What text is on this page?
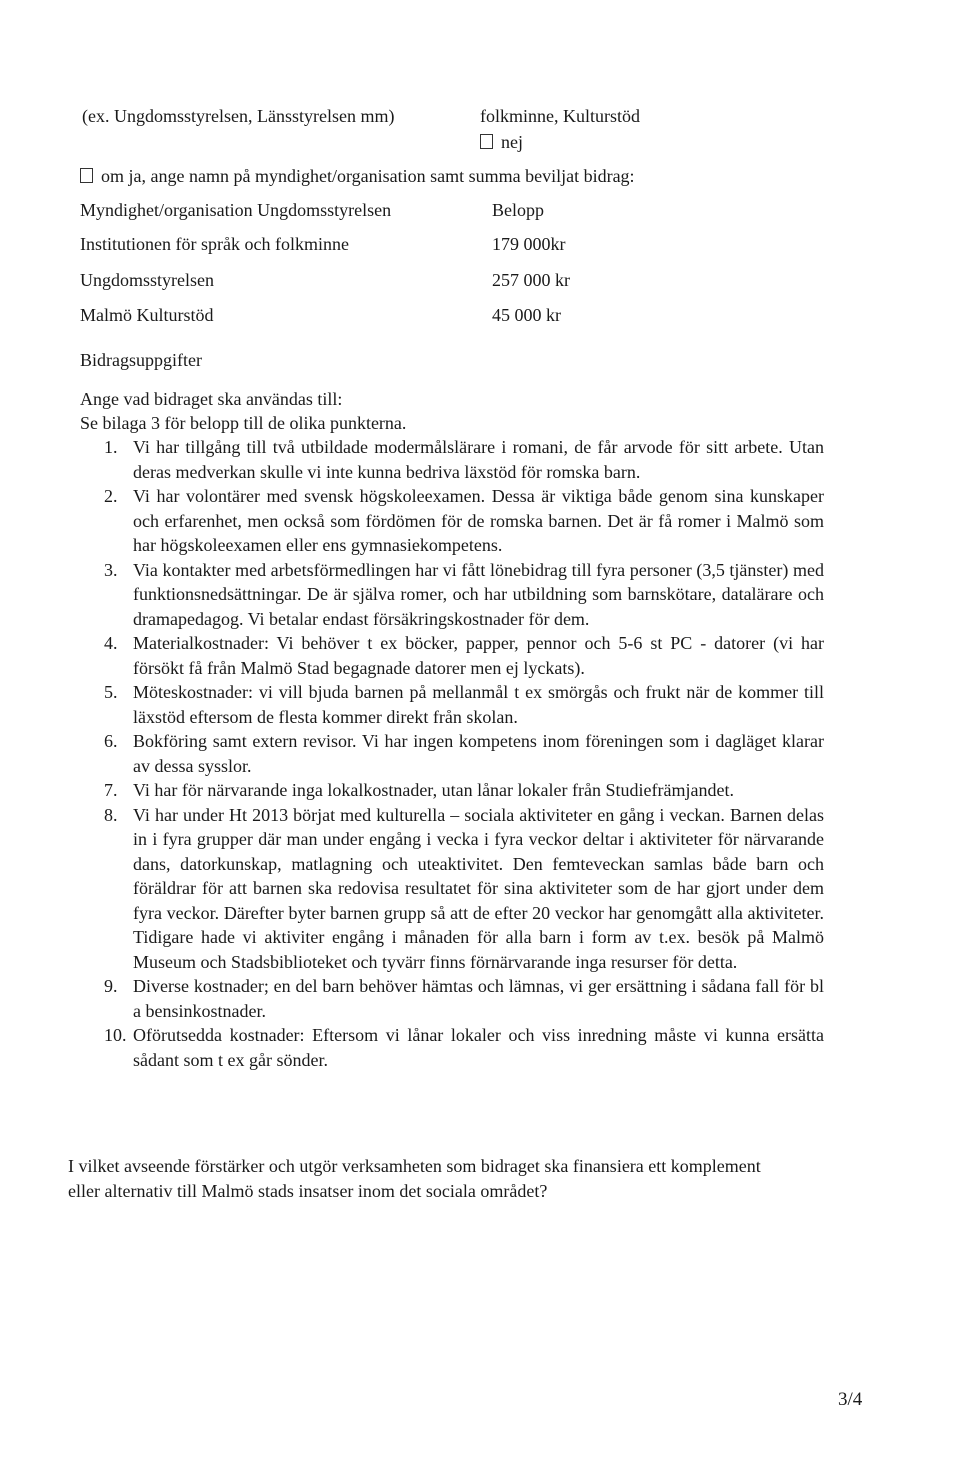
(ex. Ungdomsstyrelsen, Länsstyrelsen mm)	folkminne, Kulturstöd
nej
om ja, ange namn på myndighet/organisation samt summa beviljat bidrag:
Myndighet/organisation Ungdomsstyrelsen	Belopp
Institutionen för språk och folkminne	179 000kr
Ungdomsstyrelsen	257 000 kr
Malmö Kulturstöd	45 000 kr
Bidragsuppgifter
Ange vad bidraget ska användas till:
Se bilaga 3 för belopp till de olika punkterna.
1. Vi har tillgång till två utbildade modermålslärare i romani, de får arvode för sitt arbete. Utan deras medverkan skulle vi inte kunna bedriva läxstöd för romska barn.
2. Vi har volontärer med svensk högskoleexamen. Dessa är viktiga både genom sina kunskaper och erfarenhet, men också som fördömen för de romska barnen. Det är få romer i Malmö som har högskoleexamen eller ens gymnasiekompetens.
3. Via kontakter med arbetsförmedlingen har vi fått lönebidrag till fyra personer (3,5 tjänster) med funktionsnedsättningar. De är själva romer, och har utbildning som barnskötare, datalärare och dramapedagog. Vi betalar endast försäkringskostnader för dem.
4. Materialkostnader: Vi behöver t ex böcker, papper, pennor och 5-6 st PC - datorer (vi har försökt få från Malmö Stad begagnade datorer men ej lyckats).
5. Möteskostnader: vi vill bjuda barnen på mellanmål t ex smörgås och frukt när de kommer till läxstöd eftersom de flesta kommer direkt från skolan.
6. Bokföring samt extern revisor. Vi har ingen kompetens inom föreningen som i dagläget klarar av dessa sysslor.
7. Vi har för närvarande inga lokalkostnader, utan lånar lokaler från Studiefrämjandet.
8. Vi har under Ht 2013 börjat med kulturella – sociala aktiviteter en gång i veckan. Barnen delas in i fyra grupper där man under engång i vecka i fyra veckor deltar i aktiviteter för närvarande dans, datorkunskap, matlagning och uteaktivitet. Den femteveckan samlas både barn och föräldrar för att barnen ska redovisa resultatet för sina aktiviteter som de har gjort under dem fyra veckor. Därefter byter barnen grupp så att de efter 20 veckor har genomgått alla aktiviteter. Tidigare hade vi aktiviter engång i månaden för alla barn i form av t.ex. besök på Malmö Museum och Stadsbiblioteket och tyvärr finns förnärvarande inga resurser för detta.
9. Diverse kostnader; en del barn behöver hämtas och lämnas, vi ger ersättning i sådana fall för bl a bensinkostnader.
10. Oförutsedda kostnader: Eftersom vi lånar lokaler och viss inredning måste vi kunna ersätta sådant som t ex går sönder.
I vilket avseende förstärker och utgör verksamheten som bidraget ska finansiera ett komplement eller alternativ till Malmö stads insatser inom det sociala området?
3/4
